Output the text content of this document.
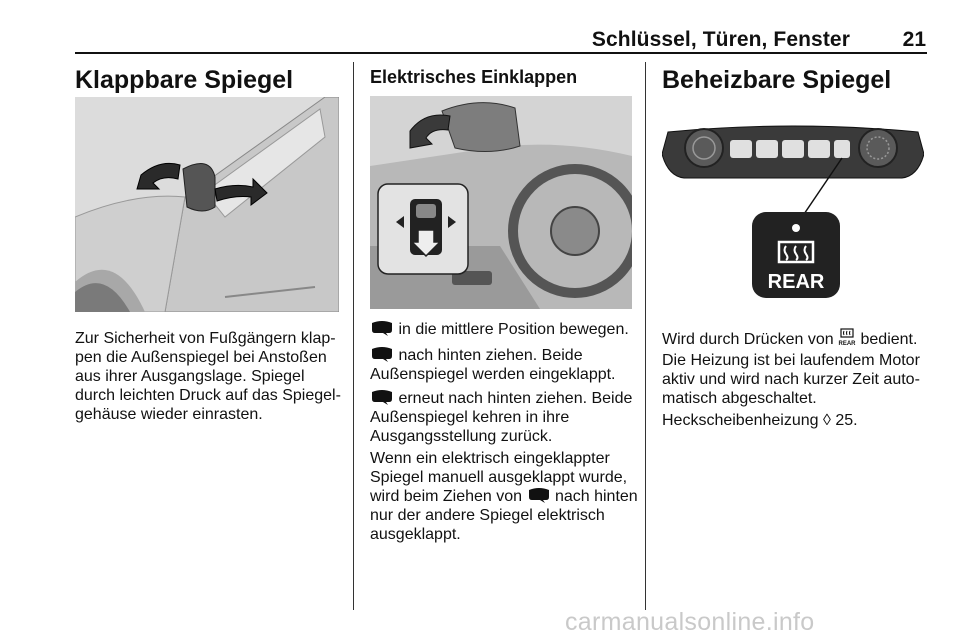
Schlüssel, Türen, Fenster	21
Klappbare Spiegel
Zur Sicherheit von Fußgängern klap-
pen die Außenspiegel bei Anstoßen
aus ihrer Ausgangslage. Spiegel
durch leichten Druck auf das Spiegel-
gehäuse wieder einrasten.
Elektrisches Einklappen
in die mittlere Position bewegen.
nach hinten ziehen. Beide
Außenspiegel werden eingeklappt.
erneut nach hinten ziehen. Beide
Außenspiegel kehren in ihre
Ausgangsstellung zurück.
Wenn ein elektrisch eingeklappter
Spiegel manuell ausgeklappt wurde,
wird beim Ziehen von  nach hinten
nur der andere Spiegel elektrisch
ausgeklappt.
Beheizbare Spiegel
REAR
Wird durch Drücken von REAR bedient.
Die Heizung ist bei laufendem Motor
aktiv und wird nach kurzer Zeit auto-
matisch abgeschaltet.
Heckscheibenheizung ◊ 25.
carmanualsonline.info
